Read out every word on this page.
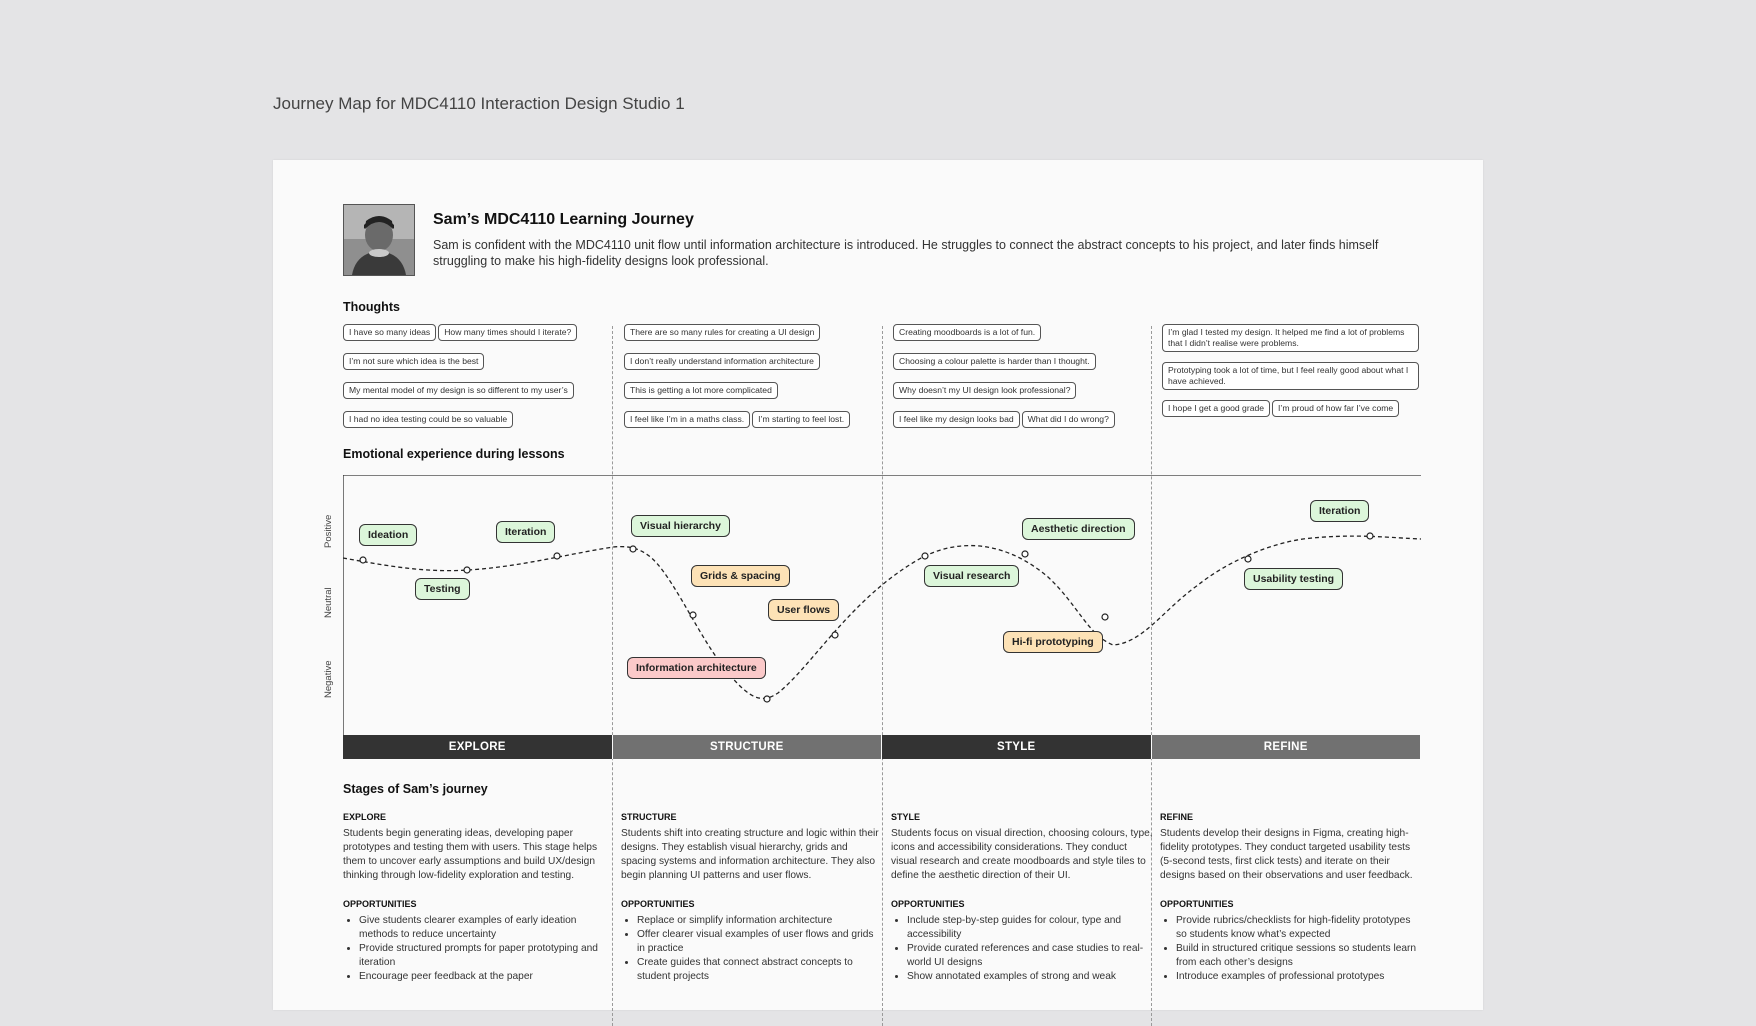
Journey Map for MDC4110 Interaction Design Studio 1
Sam’s MDC4110 Learning Journey
Sam is confident with the MDC4110 unit flow until information architecture is introduced. He struggles to connect the abstract concepts to his project, and later finds himself struggling to make his high-fidelity designs look professional.
Thoughts
I have so many ideas How many times should I iterate?
I’m not sure which idea is the best
My mental model of my design is so different to my user’s
I had no idea testing could be so valuable
There are so many rules for creating a UI design
I don’t really understand information architecture
This is getting a lot more complicated
I feel like I’m in a maths class. I’m starting to feel lost.
Creating moodboards is a lot of fun.
Choosing a colour palette is harder than I thought.
Why doesn’t my UI design look professional?
I feel like my design looks bad What did I do wrong?
I’m glad I tested my design. It helped me find a lot of problems that I didn’t realise were problems.
Prototyping took a lot of time, but I feel really good about what I have achieved.
I hope I get a good grade I’m proud of how far I’ve come
Emotional experience during lessons
Positive
Neutral
Negative
Ideation
Testing
Iteration	Visual hierarchy
Grids & spacing
User flows
Information architecture
Visual research
Aesthetic direction
Hi-fi prototyping
Usability testing
Iteration
EXPLORE	STRUCTURE	STYLE	REFINE
Stages of Sam’s journey
EXPLORE

Students begin generating ideas, developing paper prototypes and testing them with users. This stage helps them to uncover early assumptions and build UX/design thinking through low-fidelity exploration and testing.

OPPORTUNITIES
• Give students clearer examples of early ideation methods to reduce uncertainty
• Provide structured prompts for paper prototyping and iteration
• Encourage peer feedback at the paper
STRUCTURE

Students shift into creating structure and logic within their designs. They establish visual hierarchy, grids and spacing systems and information architecture. They also begin planning UI patterns and user flows.

OPPORTUNITIES
• Replace or simplify information architecture
• Offer clearer visual examples of user flows and grids in practice
• Create guides that connect abstract concepts to student projects
STYLE

Students focus on visual direction, choosing colours, type, icons and accessibility considerations. They conduct visual research and create moodboards and style tiles to define the aesthetic direction of their UI.

OPPORTUNITIES
• Include step-by-step guides for colour, type and accessibility
• Provide curated references and case studies to real-world UI designs
• Show annotated examples of strong and weak
REFINE

Students develop their designs in Figma, creating high-fidelity prototypes. They conduct targeted usability tests (5-second tests, first click tests) and iterate on their designs based on their observations and user feedback.

OPPORTUNITIES
• Provide rubrics/checklists for high-fidelity prototypes so students know what’s expected
• Build in structured critique sessions so students learn from each other’s designs
• Introduce examples of professional prototypes
